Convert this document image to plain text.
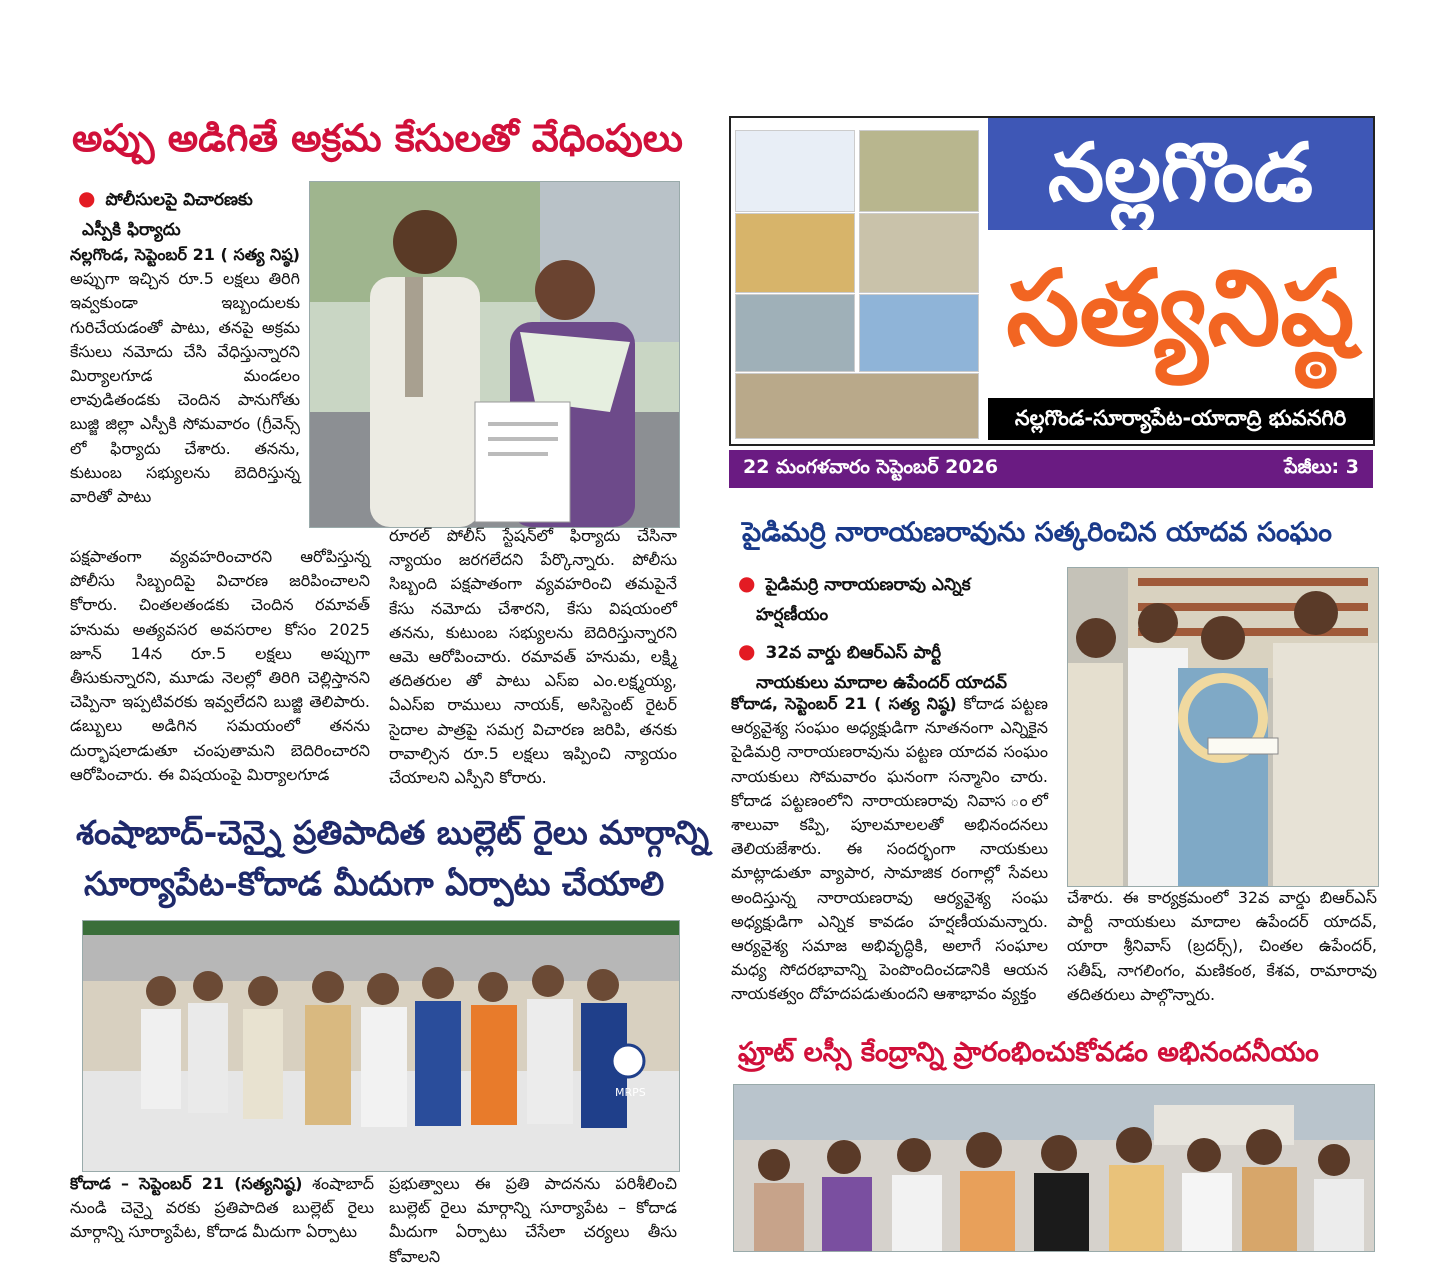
అప్పు అడిగితే అక్రమ కేసులతో వేధింపులు
● పోలీసులపై విచారణకు
ఎస్పీకి ఫిర్యాదు
నల్లగొండ, సెప్టెంబర్ 21 ( సత్య నిష్ఠ) అప్పుగా ఇచ్చిన రూ.5 లక్షలు తిరిగి ఇవ్వకుండా ఇబ్బందులకు గురిచేయడంతో పాటు, తనపై అక్రమ కేసులు నమోదు చేసి వేధిస్తున్నారని మిర్యాలగూడ మండలం లావుడితండకు చెందిన పానుగోతు బుజ్జి జిల్లా ఎస్పీకి సోమవారం (గ్రీవెన్స్ లో ఫిర్యాదు చేశారు. తనను, కుటుంబ సభ్యులను బెదిరిస్తున్న వారితో పాటు
పక్షపాతంగా వ్యవహరించారని ఆరోపిస్తున్న పోలీసు సిబ్బందిపై విచారణ జరిపించాలని కోరారు. చింతలతండకు చెందిన రమావత్ హనుమ అత్యవసర అవసరాల కోసం 2025 జూన్ 14న రూ.5 లక్షలు అప్పుగా తీసుకున్నారని, మూడు నెలల్లో తిరిగి చెల్లిస్తానని చెప్పినా ఇప్పటివరకు ఇవ్వలేదని బుజ్జి తెలిపారు. డబ్బులు అడిగిన సమయంలో తనను దుర్భాషలాడుతూ చంపుతామని బెదిరించారని ఆరోపించారు. ఈ విషయంపై మిర్యాలగూడ
రూరల్ పోలీస్ స్టేషన్‌లో ఫిర్యాదు చేసినా న్యాయం జరగలేదని పేర్కొన్నారు. పోలీసు సిబ్బంది పక్షపాతంగా వ్యవహరించి తమపైనే కేసు నమోదు చేశారని, కేసు విషయంలో తనను, కుటుంబ సభ్యులను బెదిరిస్తున్నారని ఆమె ఆరోపించారు. రమావత్ హనుమ, లక్ష్మి తదితరుల తో పాటు ఎస్ఐ ఎం.లక్ష్మయ్య, ఏఎస్ఐ రాములు నాయక్, అసిస్టెంట్ రైటర్ సైదాల పాత్రపై సమగ్ర విచారణ జరిపి, తనకు రావాల్సిన రూ.5 లక్షలు ఇప్పించి న్యాయం చేయాలని ఎస్పీని కోరారు.
శంషాబాద్-చెన్నై ప్రతిపాదిత బుల్లెట్ రైలు మార్గాన్ని
సూర్యాపేట-కోదాడ మీదుగా ఏర్పాటు చేయాలి
MRPS
కోదాడ – సెప్టెంబర్ 21 (సత్యనిష్ఠ) శంషాబాద్ నుండి చెన్నై వరకు ప్రతిపాదిత బుల్లెట్ రైలు మార్గాన్ని సూర్యాపేట, కోదాడ మీదుగా ఏర్పాటు
ప్రభుత్వాలు ఈ ప్రతి పాదనను పరిశీలించి బుల్లెట్ రైలు మార్గాన్ని సూర్యాపేట – కోదాడ మీదుగా ఏర్పాటు చేసేలా చర్యలు తీసు కోవాలని
నల్లగొండ
సత్యనిష్ఠ
నల్లగొండ-సూర్యాపేట-యాదాద్రి భువనగిరి
22 మంగళవారం సెప్టెంబర్ 2026	పేజీలు: 3
పైడిమర్రి నారాయణరావును సత్కరించిన యాదవ సంఘం
● పైడిమర్రి నారాయణరావు ఎన్నిక
హర్షణీయం
● 32వ వార్డు బిఆర్ఎస్ పార్టీ
నాయకులు మాదాల ఉపేందర్ యాదవ్
కోదాడ, సెప్టెంబర్ 21 ( సత్య నిష్ఠ) కోదాడ పట్టణ ఆర్యవైశ్య సంఘం అధ్యక్షుడిగా నూతనంగా ఎన్నికైన పైడిమర్రి నారాయణరావును పట్టణ యాదవ సంఘం నాయకులు సోమవారం ఘనంగా సన్మానిం చారు. కోదాడ పట్టణంలోని నారాయణరావు నివాస ంలో శాలువా కప్పి, పూలమాలలతో అభినందనలు తెలియజేశారు. ఈ సందర్భంగా నాయకులు మాట్లాడుతూ వ్యాపార, సామాజిక రంగాల్లో సేవలు అందిస్తున్న నారాయణరావు ఆర్యవైశ్య సంఘ అధ్యక్షుడిగా ఎన్నిక కావడం హర్షణీయమన్నారు. ఆర్యవైశ్య సమాజ అభివృద్ధికి, అలాగే సంఘాల మధ్య సోదరభావాన్ని పెంపొందించడానికి ఆయన నాయకత్వం దోహదపడుతుందని ఆశాభావం వ్యక్తం
చేశారు. ఈ కార్యక్రమంలో 32వ వార్డు బిఆర్ఎస్ పార్టీ నాయకులు మాదాల ఉపేందర్ యాదవ్, యారా శ్రీనివాస్ (బ్రదర్స్), చింతల ఉపేందర్, సతీష్, నాగలింగం, మణికంఠ, కేశవ, రామారావు తదితరులు పాల్గొన్నారు.
ఫ్రూట్ లస్సీ కేంద్రాన్ని ప్రారంభించుకోవడం అభినందనీయం
